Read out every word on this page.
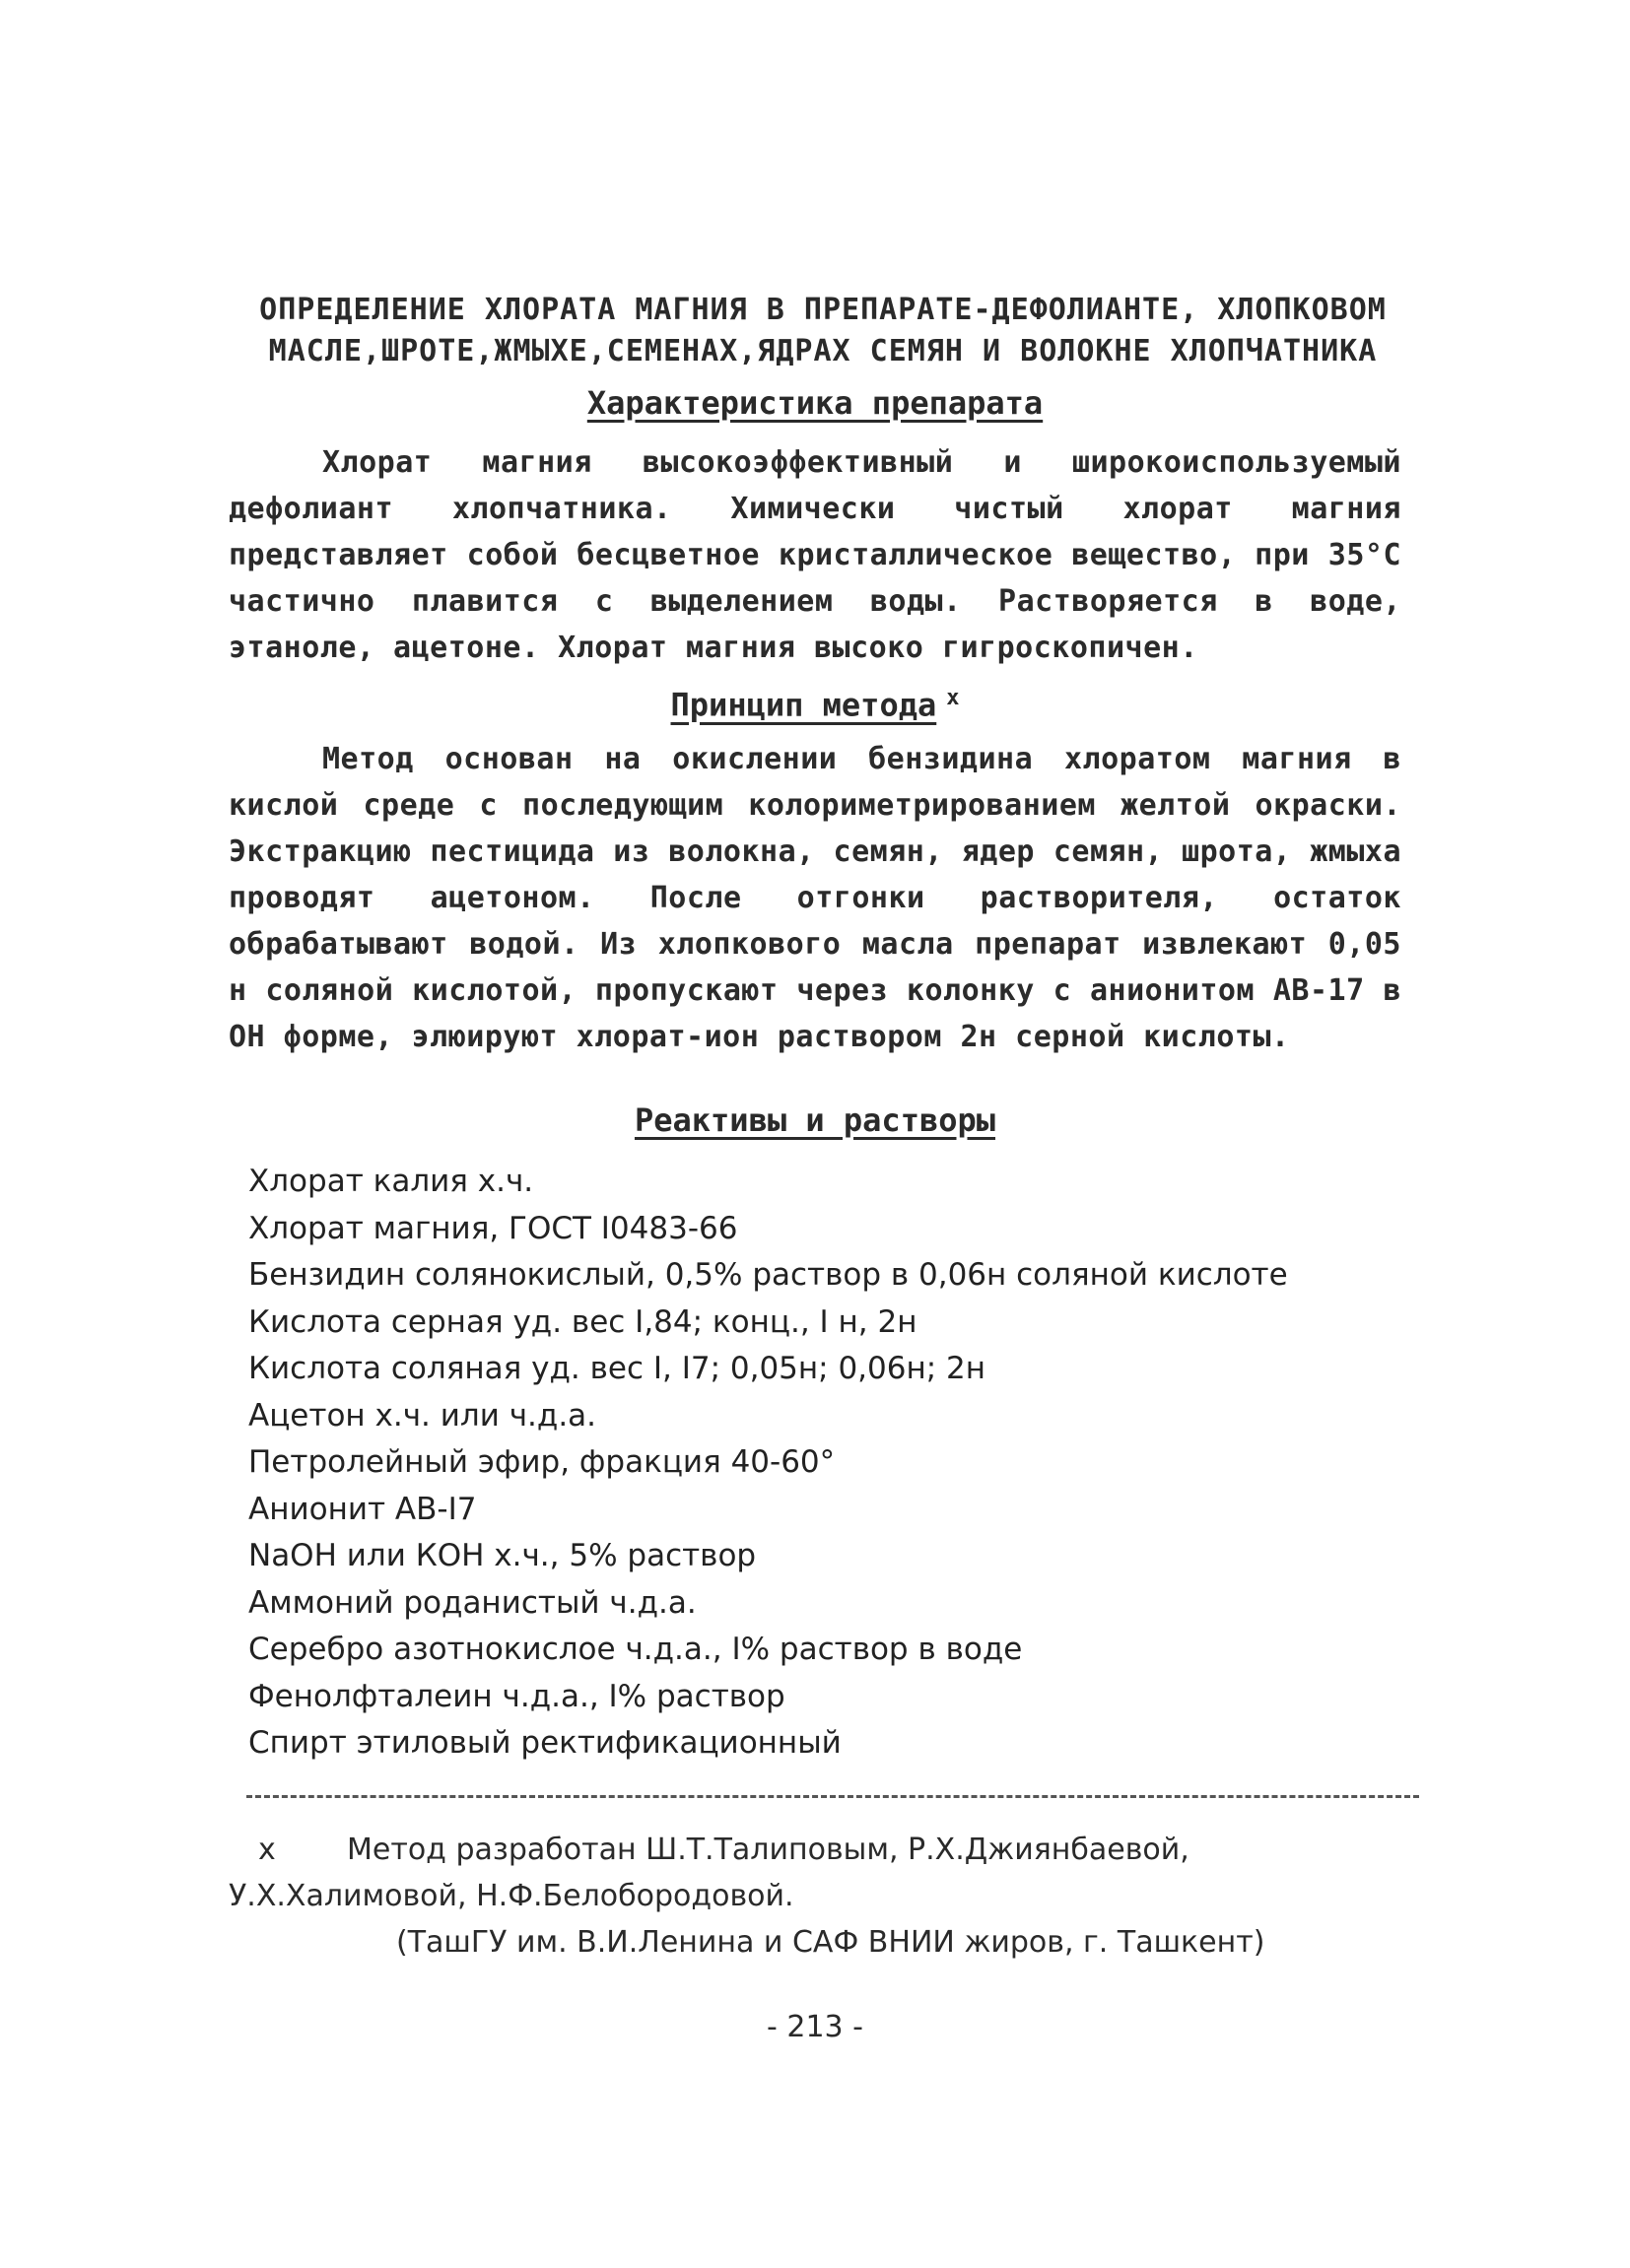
ОПРЕДЕЛЕНИЕ ХЛОРАТА МАГНИЯ В ПРЕПАРАТЕ-ДЕФОЛИАНТЕ, ХЛОПКОВОМ
МАСЛЕ,ШРОТЕ,ЖМЫХЕ,СЕМЕНАХ,ЯДРАХ СЕМЯН И ВОЛОКНЕ ХЛОПЧАТНИКА
Характеристика препарата

Хлорат магния высокоэффективный и широкоиспользуемый дефолиант хлопчатника. Химически чистый хлорат магния представляет собой бесцветное кристаллическое вещество, при 35°С частично плавится с выделением воды. Растворяется в воде, этаноле, ацетоне. Хлорат магния высоко гигроскопичен.

Принцип метода $^x$

Метод основан на окислении бензидина хлоратом магния в кислой среде с последующим колориметрированием желтой окраски. Экстракцию пестицида из волокна, семян, ядер семян, шрота, жмыха проводят ацетоном. После отгонки растворителя, остаток обрабатывают водой. Из хлопкового масла препарат извлекают 0,05 н соляной кислотой, пропускают через колонку с анионитом АВ-17 в ОН форме, элюируют хлорат-ион раствором 2н серной кислоты.

Реактивы и растворы
Хлорат калия х.ч.
Хлорат магния, ГОСТ I0483-66
Бензидин солянокислый, 0,5% раствор в 0,06н соляной кислоте
Кислота серная уд. вес I,84; конц., I н, 2н
Кислота соляная уд. вес I, I7; 0,05н; 0,06н; 2н
Ацетон х.ч. или ч.д.а.
Петролейный эфир, фракция 40-60°
Анионит АВ-I7
NaOH или КОН х.ч., 5% раствор
Аммоний роданистый ч.д.а.
Серебро азотнокислое ч.д.а., I% раствор в воде
Фенолфталеин ч.д.а., I% раствор
Спирт этиловый ректификационный

x Метод разработан Ш.Т.Талиповым, Р.Х.Джиянбаевой, У.Х.Халимовой, Н.Ф.Белобородовой.
(ТашГУ им. В.И.Ленина и САФ ВНИИ жиров, г. Ташкент)

- 213 -
